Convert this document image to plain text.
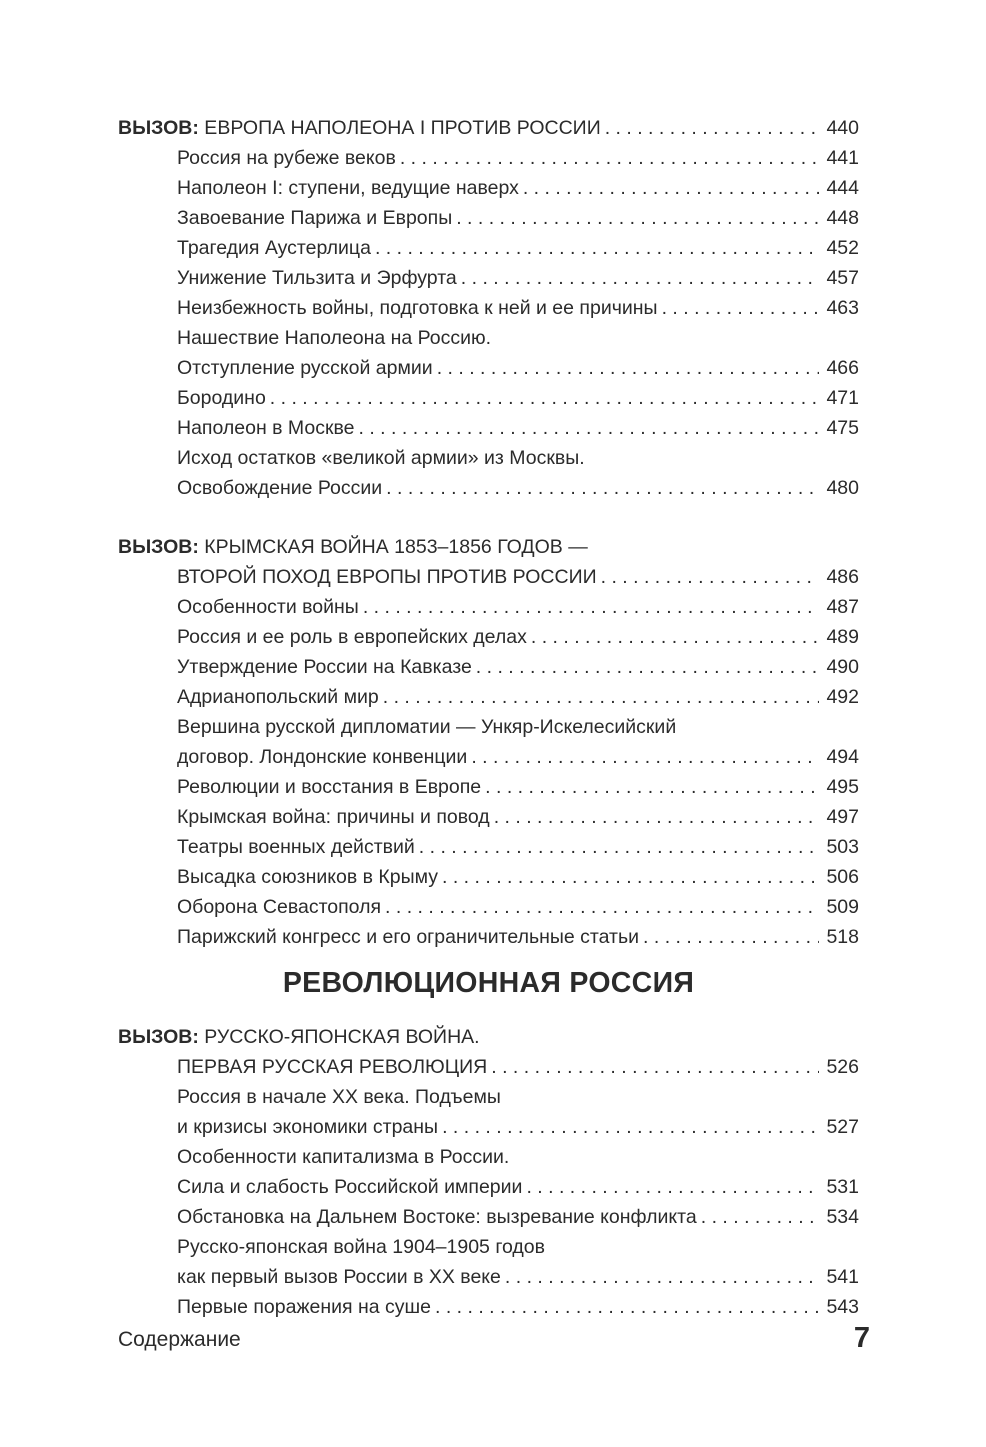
ВЫЗОВ: ЕВРОПА НАПОЛЕОНА I ПРОТИВ РОССИИ . . .	440
Россия на рубеже веков . . .	441
Наполеон I: ступени, ведущие наверх . . .	444
Завоевание Парижа и Европы . . .	448
Трагедия Аустерлица . . .	452
Унижение Тильзита и Эрфурта . . .	457
Неизбежность войны, подготовка к ней и ее причины . . .	463
Нашествие Наполеона на Россию.
Отступление русской армии . . .	466
Бородино . . .	471
Наполеон в Москве . . .	475
Исход остатков «великой армии» из Москвы.
Освобождение России . . .	480
ВЫЗОВ: КРЫМСКАЯ ВОЙНА 1853–1856 ГОДОВ —
ВТОРОЙ ПОХОД ЕВРОПЫ ПРОТИВ РОССИИ . . .	486
Особенности войны . . .	487
Россия и ее роль в европейских делах . . .	489
Утверждение России на Кавказе . . .	490
Адрианопольский мир . . .	492
Вершина русской дипломатии — Ункяр-Искелесийский
договор. Лондонские конвенции . . .	494
Революции и восстания в Европе . . .	495
Крымская война: причины и повод . . .	497
Театры военных действий . . .	503
Высадка союзников в Крыму . . .	506
Оборона Севастополя . . .	509
Парижский конгресс и его ограничительные статьи . . .	518
РЕВОЛЮЦИОННАЯ РОССИЯ
ВЫЗОВ: РУССКО-ЯПОНСКАЯ ВОЙНА.
ПЕРВАЯ РУССКАЯ РЕВОЛЮЦИЯ . . .	526
Россия в начале XX века. Подъемы
и кризисы экономики страны . . .	527
Особенности капитализма в России.
Сила и слабость Российской империи . . .	531
Обстановка на Дальнем Востоке: вызревание конфликта . . .	534
Русско-японская война 1904–1905 годов
как первый вызов России в XX веке . . .	541
Первые поражения на суше . . .	543
Содержание	7
